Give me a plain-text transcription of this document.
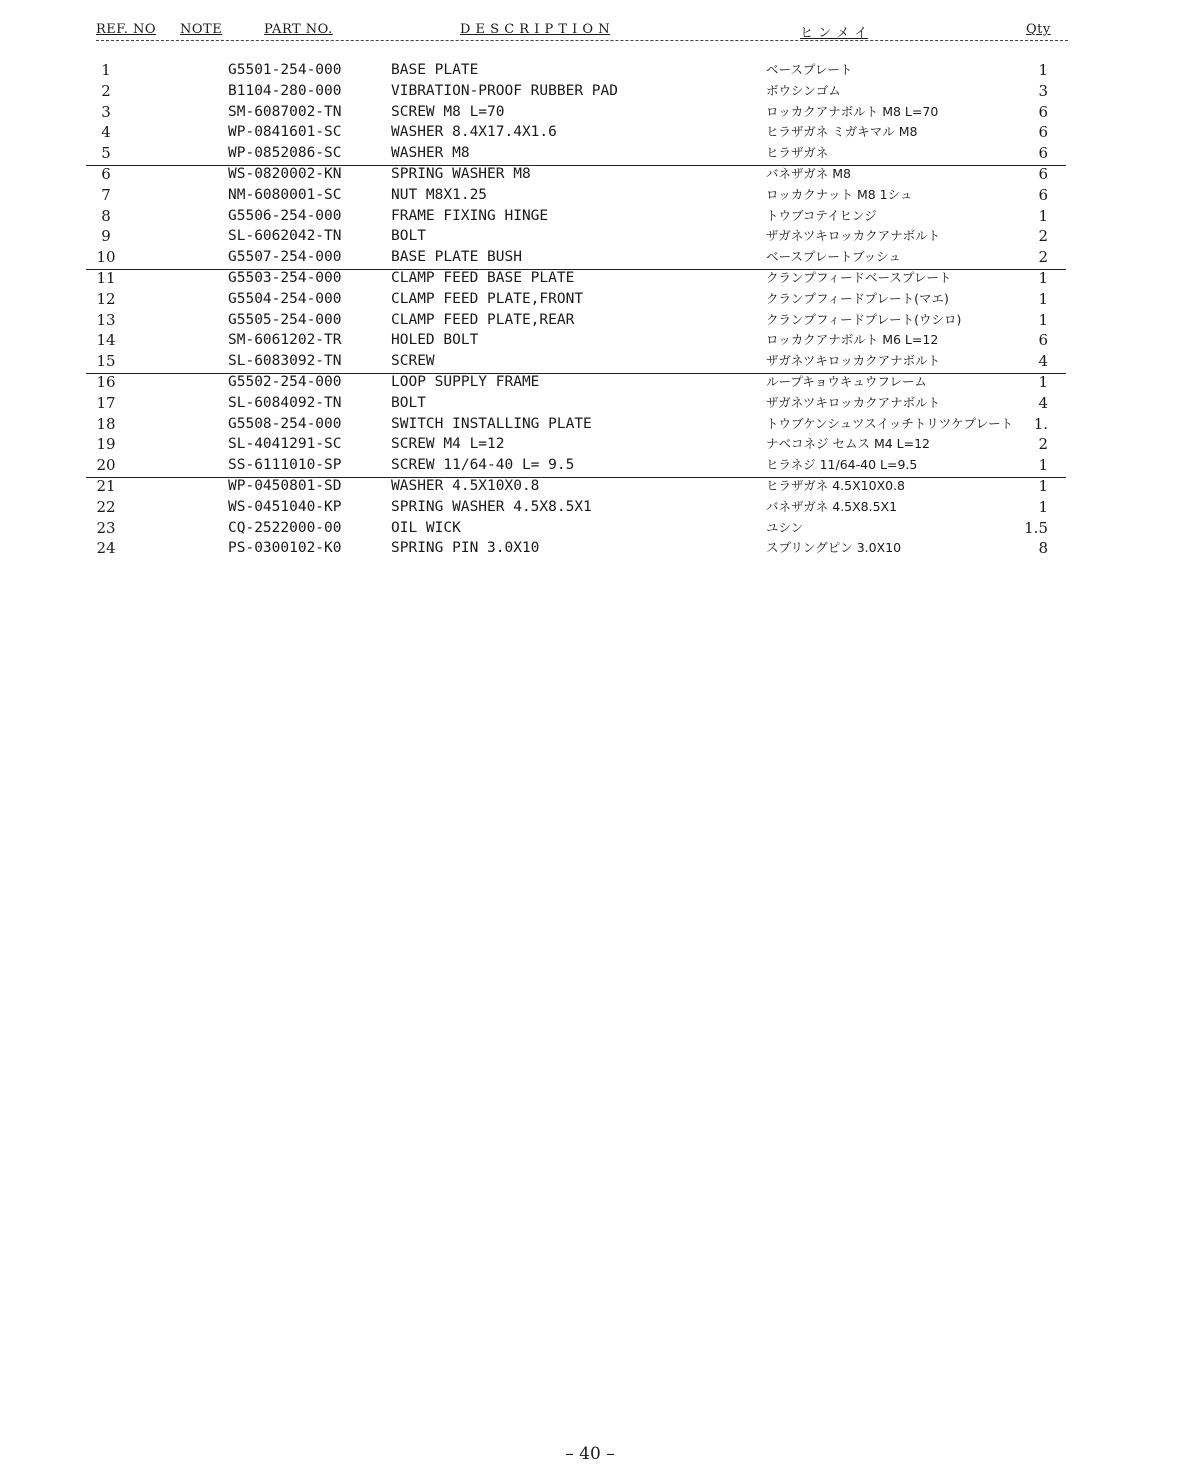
REF. NO NOTE	PART NO.	D E S C R I P T I O N	ヒ ン メ イ	Qty
1	G5501-254-000	BASE PLATE	ベースプレート	1
2	B1104-280-000	VIBRATION-PROOF RUBBER PAD	ボウシンゴム	3
3	SM-6087002-TN	SCREW M8 L=70	ロッカクアナボルト M8 L=70	6
4	WP-0841601-SC	WASHER 8.4X17.4X1.6	ヒラザガネ ミガキマル M8	6
5	WP-0852086-SC	WASHER M8	ヒラザガネ	6
6	WS-0820002-KN	SPRING WASHER M8	バネザガネ M8	6
7	NM-6080001-SC	NUT M8X1.25	ロッカクナット M8 1シュ	6
8	G5506-254-000	FRAME FIXING HINGE	トウブコテイヒンジ	1
9	SL-6062042-TN	BOLT	ザガネツキロッカクアナボルト	2
10	G5507-254-000	BASE PLATE BUSH	ベースプレートブッシュ	2
11	G5503-254-000	CLAMP FEED BASE PLATE	クランプフィードベースプレート	1
12	G5504-254-000	CLAMP FEED PLATE,FRONT	クランプフィードプレート(マエ)	1
13	G5505-254-000	CLAMP FEED PLATE,REAR	クランプフィードプレート(ウシロ)	1
14	SM-6061202-TR	HOLED BOLT	ロッカクアナボルト M6 L=12	6
15	SL-6083092-TN	SCREW	ザガネツキロッカクアナボルト	4
16	G5502-254-000	LOOP SUPPLY FRAME	ループキョウキュウフレーム	1
17	SL-6084092-TN	BOLT	ザガネツキロッカクアナボルト	4
18	G5508-254-000	SWITCH INSTALLING PLATE	トウブケンシュツスイッチトリツケプレート	1.
19	SL-4041291-SC	SCREW M4 L=12	ナベコネジ セムス M4 L=12	2
20	SS-6111010-SP	SCREW 11/64-40 L= 9.5	ヒラネジ 11/64-40 L=9.5	1
21	WP-0450801-SD	WASHER 4.5X10X0.8	ヒラザガネ 4.5X10X0.8	1
22	WS-0451040-KP	SPRING WASHER 4.5X8.5X1	バネザガネ 4.5X8.5X1	1
23	CQ-2522000-00	OIL WICK	ユシン	1.5
24	PS-0300102-K0	SPRING PIN 3.0X10	スプリングピン 3.0X10	8
– 40 –
